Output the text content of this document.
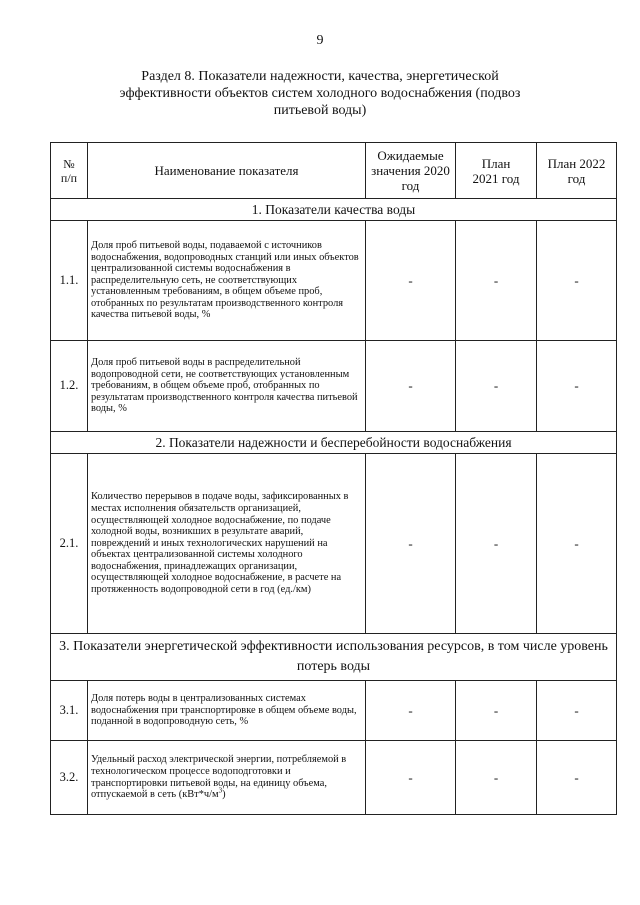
9
Раздел 8. Показатели надежности, качества, энергетической эффективности объектов систем холодного водоснабжения (подвоз питьевой воды)
№ п/п	Наименование показателя	Ожидаемые значения 2020 год	План 2021 год	План 2022 год
1. Показатели качества воды				
1.1.	Доля проб питьевой воды, подаваемой с источников водоснабжения, водопроводных станций или иных объектов централизованной системы водоснабжения в распределительную сеть, не соответствующих установленным требованиям, в общем объеме проб, отобранных по результатам производственного контроля качества питьевой воды, %	-	-	-
1.2.	Доля проб питьевой воды в распределительной водопроводной сети, не соответствующих установленным требованиям, в общем объеме проб, отобранных по результатам производственного контроля качества питьевой воды, %	-	-	-
2. Показатели надежности и бесперебойности водоснабжения				
2.1.	Количество перерывов в подаче воды, зафиксированных в местах исполнения обязательств организацией, осуществляющей холодное водоснабжение, по подаче холодной воды, возникших в результате аварий, повреждений и иных технологических нарушений на объектах централизованной системы холодного водоснабжения, принадлежащих организации, осуществляющей холодное водоснабжение, в расчете на протяженность водопроводной сети в год (ед./км)	-	-	-
3. Показатели энергетической эффективности использования ресурсов, в том числе уровень потерь воды				
3.1.	Доля потерь воды в централизованных системах водоснабжения при транспортировке в общем объеме воды, поданной в водопроводную сеть, %	-	-	-
3.2.	Удельный расход электрической энергии, потребляемой в технологическом процессе водоподготовки и транспортировки питьевой воды, на единицу объема, отпускаемой в сеть $(кВт*ч/м^3)$	-	-	-
